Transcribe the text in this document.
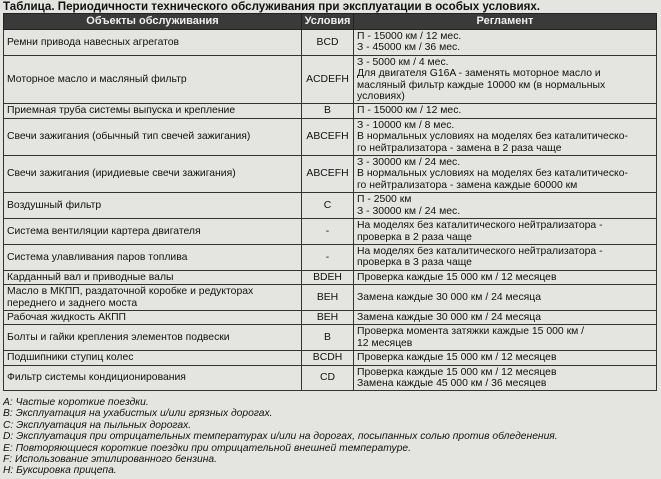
Таблица. Периодичности технического обслуживания при эксплуатации в особых условиях.
Объекты обслуживания	Условия	Регламент
Ремни привода навесных агрегатов	BCD	П - 15000 км / 12 мес.
З - 45000 км / 36 мес.

Моторное масло и масляный фильтр	ACDEFH	З - 5000 км / 4 мес.
Для двигателя G16A - заменять моторное масло и
масляный фильтр каждые 10000 км (в нормальных
условиях)

Приемная труба системы выпуска и крепление	B	П - 15000 км / 12 мес.

Свечи зажигания (обычный тип свечей зажигания)	ABCEFH	З - 10000 км / 8 мес.
В нормальных условиях на моделях без каталитическо-
го нейтрализатора - замена в 2 раза чаще

Свечи зажигания (иридиевые свечи зажигания)	ABCEFH	З - 30000 км / 24 мес.
В нормальных условиях на моделях без каталитическо-
го нейтрализатора - замена каждые 60000 км

Воздушный фильтр	C	П - 2500 км
З - 30000 км / 24 мес.

Система вентиляции картера двигателя	-	На моделях без каталитического нейтрализатора -
проверка в 2 раза чаще

Система улавливания паров топлива	-	На моделях без каталитического нейтрализатора -
проверка в 3 раза чаще

Карданный вал и приводные валы	BDEH	Проверка каждые 15 000 км / 12 месяцев

Масло в МКПП, раздаточной коробке и редукторах переднего и заднего моста	BEH	Замена каждые 30 000 км / 24 месяца

Рабочая жидкость АКПП	BEH	Замена каждые 30 000 км / 24 месяца

Болты и гайки крепления элементов подвески	B	Проверка момента затяжки каждые 15 000 км /
12 месяцев

Подшипники ступиц колес	BCDH	Проверка каждые 15 000 км / 12 месяцев

Фильтр системы кондиционирования	CD	Проверка каждые 15 000 км / 12 месяцев
Замена каждые 45 000 км / 36 месяцев
A: Частые короткие поездки.
B: Эксплуатация на ухабистых и/или грязных дорогах.
C: Эксплуатация на пыльных дорогах.
D: Эксплуатация при отрицательных температурах и/или на дорогах, посыпанных солью против обледенения.
E: Повторяющиеся короткие поездки при отрицательной внешней температуре.
F: Использование этилированного бензина.
H: Буксировка прицепа.
